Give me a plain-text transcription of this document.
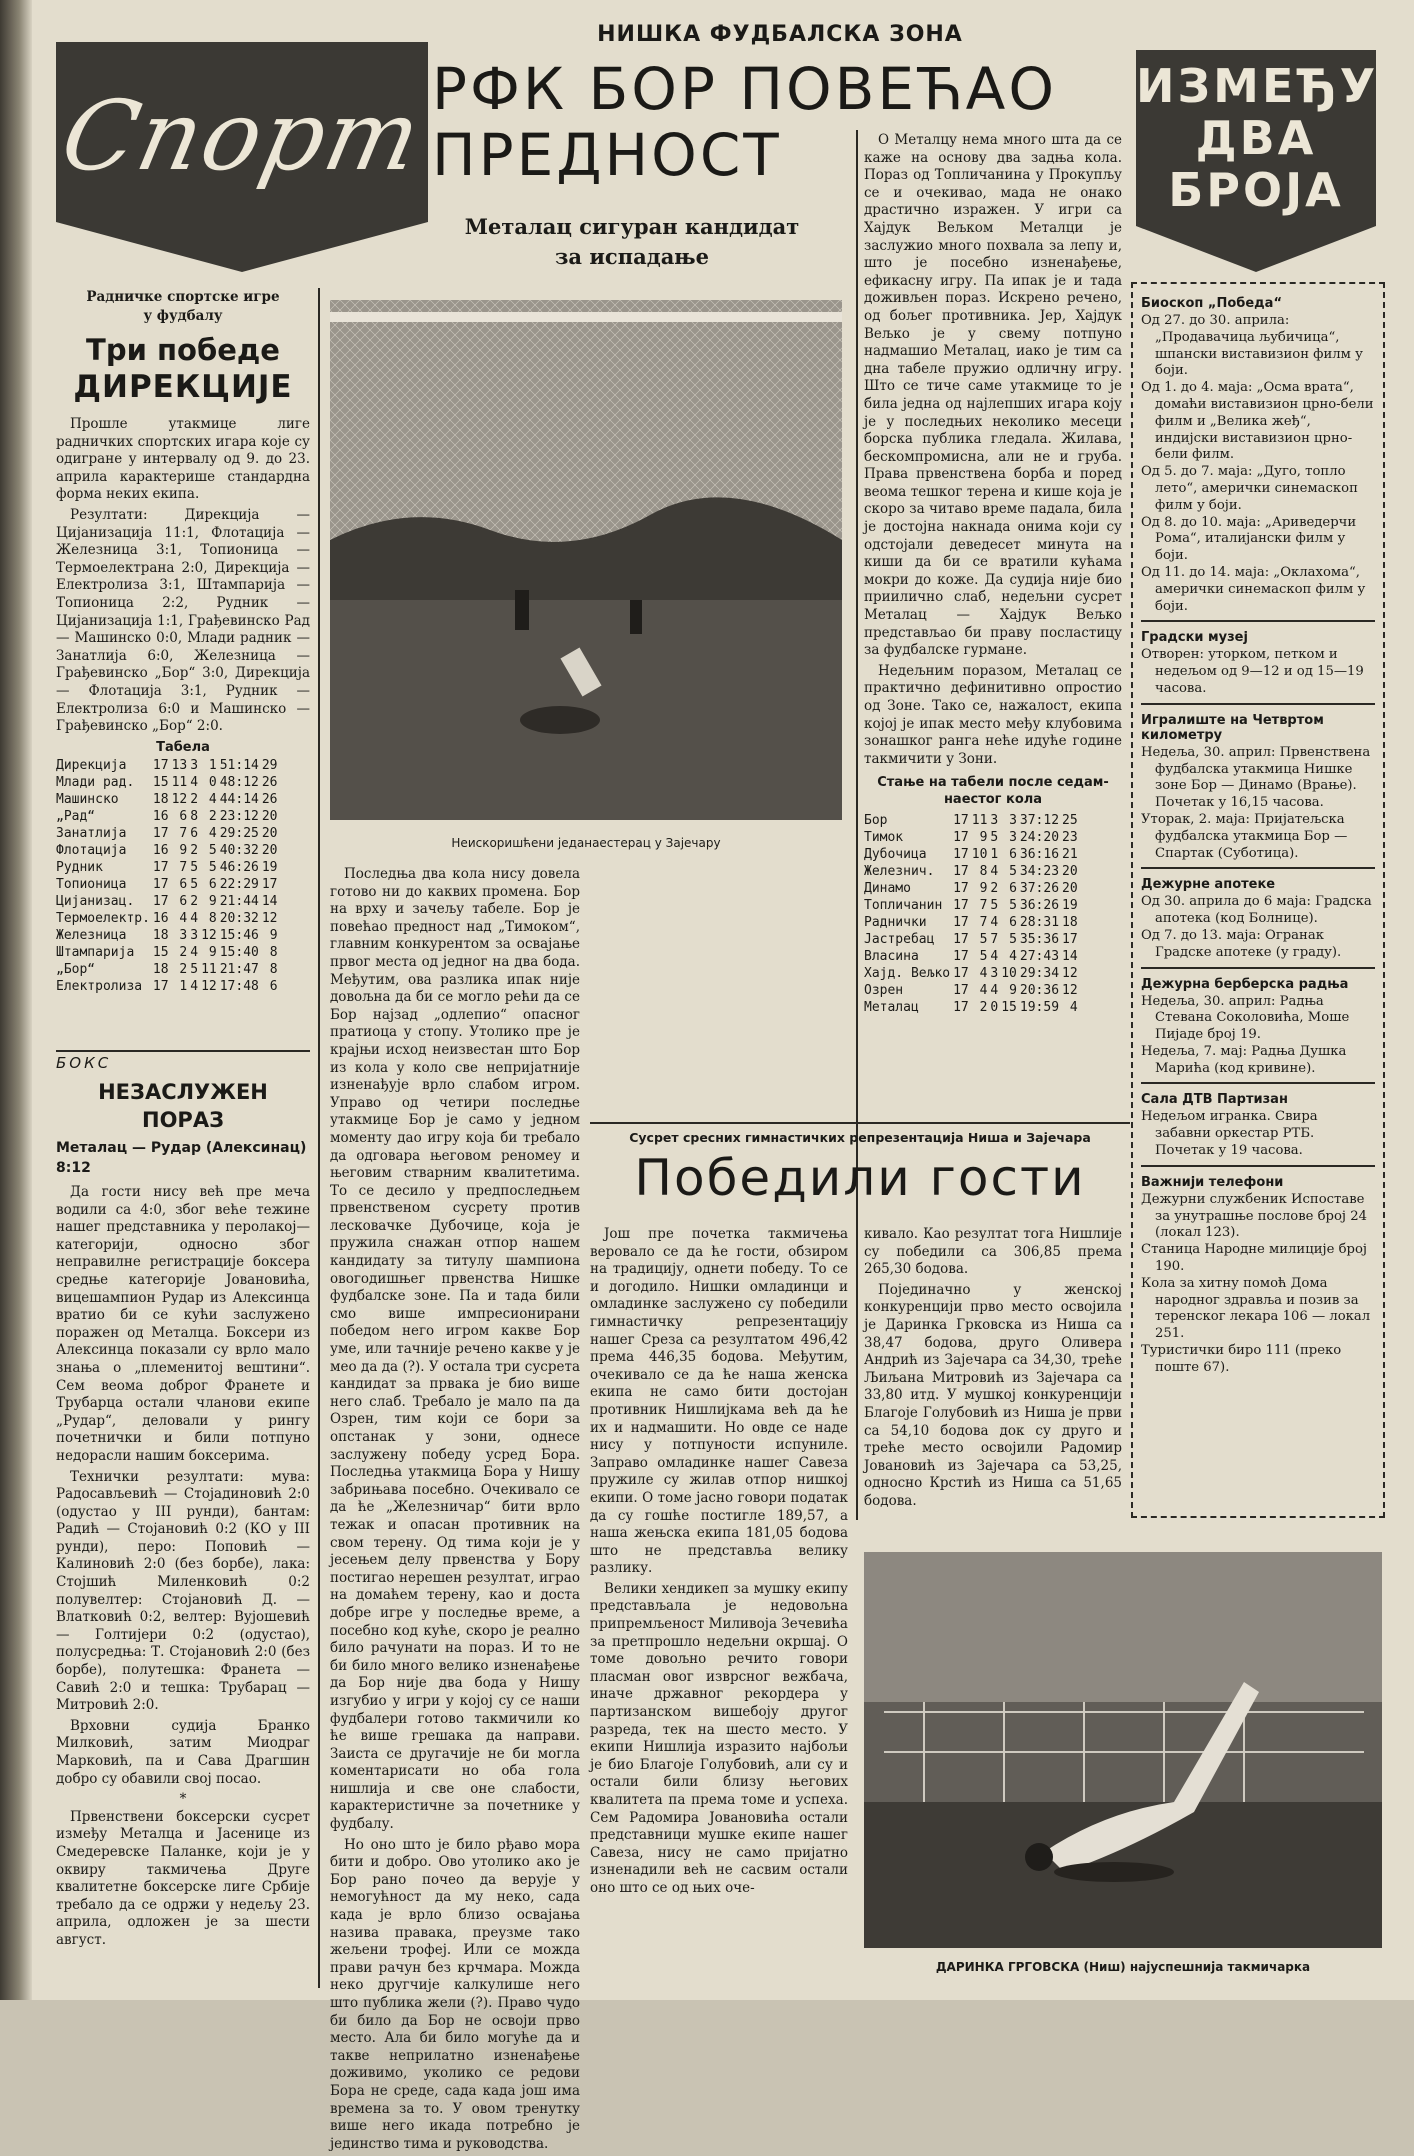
Спорт
НИШКА ФУДБАЛСКА ЗОНА
РФК БОР ПОВЕЋАО
ПРЕДНОСТ
Металац сигуран кандидат
за испадање
ИЗМЕЂУ
ДВА
БРОЈА
Радничке спортске игре
у фудбалу
Три победе
ДИРЕКЦИЈЕ

Прошле утакмице лиге радничких спортских игара које су одигране у интервалу од 9. до 23. априла карактерише стандардна форма неких екипа.

Резултати: Дирекција — Цијанизација 11:1, Флотација — Железница 3:1, Топионица — Термоелектрана 2:0, Дирекција — Електролиза 3:1, Штампарија — Топионица 2:2, Рудник — Цијанизација 1:1, Грађевинско Рад — Машинско 0:0, Млади радник — Занатлија 6:0, Железница — Грађевинско „Бор“ 3:0, Дирекција — Флотација 3:1, Рудник — Електролиза 6:0 и Машинско — Грађевинско „Бор“ 2:0.

Табела
Дирекција	17	13	3	1	51:14	29
Млади рад.	15	11	4	0	48:12	26
Машинско	18	12	2	4	44:14	26
„Рад“	16	6	8	2	23:12	20
Занатлија	17	7	6	4	29:25	20
Флотација	16	9	2	5	40:32	20
Рудник	17	7	5	5	46:26	19
Топионица	17	6	5	6	22:29	17
Цијанизац.	17	6	2	9	21:44	14
Термоелектр.	16	4	4	8	20:32	12
Железница	18	3	3	12	15:46	9
Штампарија	15	2	4	9	15:40	8
„Бор“	18	2	5	11	21:47	8
Електролиза	17	1	4	12	17:48	6
БОКС
НЕЗАСЛУЖЕН ПОРАЗ
Металац — Рудар (Алексинац) 8:12

Да гости нису већ пре меча водили са 4:0, због веће тежине нашег представника у перолакој—категорији, односно због неправилне регистрације боксера средње категорије Јовановића, вицешампион Рудар из Алексинца вратио би се кући заслужено поражен од Металца. Боксери из Алексинца показали су врло мало знања о „племенитој вештини“. Сем веома доброг Франете и Трубарца остали чланови екипе „Рудар“, деловали у рингу почетнички и били потпуно недорасли нашим боксерима.

Технички резултати: мува: Радосављевић — Стојадиновић 2:0 (одустао у III рунди), бантам: Радић — Стојановић 0:2 (КО у III рунди), перо: Поповић —Калиновић 2:0 (без борбе), лака: Стојшић Миленковић 0:2 полувелтер: Стојановић Д. — Влатковић 0:2, велтер: Вујошевић — Голтијери 0:2 (одустао), полусредња: Т. Стојановић 2:0 (без борбе), полутешка: Франета — Савић 2:0 и тешка: Трубарац — Митровић 2:0.

Врховни судија Бранко Милковић, затим Миодраг Марковић, па и Сава Драгшин добро су обавили свој посао.

*

Првенствени боксерски сусрет између Металца и Јасенице из Смедеревске Паланке, који је у оквиру такмичења Друге квалитетне боксерске лиге Србије требало да се одржи у недељу 23. априла, одложен је за шести август.

Неискоришћени једанаестерац у Зајечару

Последња два кола нису довела готово ни до каквих промена. Бор на врху и зачељу табеле. Бор је повећао предност над „Тимоком“, главним конкурентом за освајање првог места од једног на два бода. Међутим, ова разлика ипак није довољна да би се могло рећи да се Бор најзад „одлепио“ опасног пратиоца у стопу. Утолико пре је крајњи исход неизвестан што Бор из кола у коло све непријатније изненађује врло слабом игром. Управо од четири последње утакмице Бор је само у једном моменту дао игру која би требало да одговара његовом реномеу и његовим стварним квалитетима. То се десило у предпоследњем првенственом сусрету против лесковачке Дубочице, која је пружила снажан отпор нашем кандидату за титулу шампиона овогодишњег првенства Нишке фудбалске зоне. Па и тада били смо више импресионирани победом него игром какве Бор уме, или тачније речено какве у је мео да да (?). У остала три сусрета кандидат за првака је био више него слаб. Требало је мало па да Озрен, тим који се бори за опстанак у зони, однесе заслужену победу усред Бора. Последња утакмица Бора у Нишу забрињава посебно. Очекивало се да ће „Железничар“ бити врло тежак и опасан противник на свом терену. Од тима који је у јесењем делу првенства у Бору постигао нерешен резултат, играо на домаћем терену, као и доста добре игре у последње време, а посебно код куће, скоро је реално било рачунати на пораз. И то не би било много велико изненађење да Бор није два бода у Нишу изгубио у игри у којој су се наши фудбалери готово такмичили ко ће више грешака да направи. Заиста се другачије не би могла коментарисати но оба гола нишлија и све оне слабости, карактеристичне за почетнике у фудбалу.

Но оно што је било рђаво мора бити и добро. Ово утолико ако је Бор рано почео да верује у немогућност да му неко, сада када је врло близо освајања назива правака, преузме тако жељени трофеј. Или се можда прави рачун без крчмара. Можда неко другчије калкулише него што публика жели (?). Право чудо би било да Бор не освоји прво место. Ала би било могуће да и такве неприлатно изненађење доживимо, уколико се редови Бора не среде, сада када још има времена за то. У овом тренутку више него икада потребно је јединство тима и руководства.

О Металцу нема много шта да се каже на основу два задња кола. Пораз од Топличанина у Прокупљу се и очекивао, мада не онако драстично изражен. У игри са Хајдук Вељком Металци је заслужио много похвала за лепу и, што је посебно изненађење, ефикасну игру. Па ипак је и тада доживљен пораз. Искрено речено, од бољег противника. Јер, Хајдук Вељко је у свему потпуно надмашио Металац, иако је тим са дна табеле пружио одличну игру. Што се тиче саме утакмице то је била једна од најлепших игара коју је у последњих неколико месеци борска публика гледала. Жилава, бескомпромисна, али не и груба. Права првенствена борба и поред веома тешког терена и кише која је скоро за читаво време падала, била је достојна накнада онима који су одстојали деведесет минута на киши да би се вратили кућама мокри до коже. Да судија није био приилично слаб, недељни сусрет Металац — Хајдук Вељко представљао би праву посластицу за фудбалске гурмане.

Недељним поразом, Металац се практично дефинитивно опростио од Зоне. Тако се, нажалост, екипа којој је ипак место међу клубовима зонашког ранга неће идуће године такмичити у Зони.

Стање на табели после седам-
наестог кола
Бор	17	11	3	3	37:12	25
Тимок	17	9	5	3	24:20	23
Дубочица	17	10	1	6	36:16	21
Железнич.	17	8	4	5	34:23	20
Динамо	17	9	2	6	37:26	20
Топличанин	17	7	5	5	36:26	19
Раднички	17	7	4	6	28:31	18
Јастребац	17	5	7	5	35:36	17
Власина	17	5	4	4	27:43	14
Хајд. Вељко	17	4	3	10	29:34	12
Озрен	17	4	4	9	20:36	12
Металац	17	2	0	15	19:59	4
Сусрет сресних гимнастичких репрезентација Ниша и Зајечара
Победили гости

Још пре почетка такмичења веровало се да ће гости, обзиром на традицију, однети победу. То се и догодило. Нишки омладинци и омладинке заслужено су победили гимнастичку репрезентацију нашег Среза са резултатом 496,42 према 446,35 бодова. Међутим, очекивало се да ће наша женска екипа не само бити достојан противник Нишлијкама већ да ће их и надмашити. Но овде се наде нису у потпуности испуниле. Заправо омладинке нашег Савеза пружиле су жилав отпор нишкој екипи. О томе јасно говори податак да су гошће постигле 189,57, а наша жењска екипа 181,05 бодова што не представља велику разлику.

Велики хендикеп за мушку екипу представљала је недовољна припремљеност Миливоја Зечевића за претпрошло недељни окршај. О томе довољно речито говори пласман овог изврсног вежбача, иначе државног рекордера у партизанском вишебоју другог разреда, тек на шесто место. У екипи Нишлија изразито најбољи је био Благоје Голубовић, али су и остали били близу његових квалитета па према томе и успеха. Сем Радомира Јовановића остали представници мушке екипе нашег Савеза, нису не само пријатно изненадили већ не сасвим остали оно што се од њих оче-

кивало. Као резултат тога Нишлије су победили са 306,85 према 265,30 бодова.

Појединачно у женској конкуренцији прво место освојила је Даринка Грковска из Ниша са 38,47 бодова, друго Оливера Андрић из Зајечара са 34,30, треће Љиљана Митровић из Зајечара са 33,80 итд. У мушкој конкуренцији Благоје Голубовић из Ниша је први са 54,10 бодова док су друго и треће место освојили Радомир Јовановић из Зајечара са 53,25, односно Крстић из Ниша са 51,65 бодова.

Биоскоп „Победа“
Од 27. до 30. априла: „Продавачица љубичица“, шпански виставизион филм у боји.
Од 1. до 4. маја: „Осма врата“, домаћи виставизион црно-бели филм и „Велика жеђ“, индијски виставизион црно-бели филм.
Од 5. до 7. маја: „Дуго, топло лето“, амерички синемаскоп филм у боји.
Од 8. до 10. маја: „Ариведерчи Рома“, италијански филм у боји.
Од 11. до 14. маја: „Оклахома“, амерички синемаскоп филм у боји.
Градски музеј
Отворен: уторком, петком и недељом од 9—12 и од 15—19 часова.
Игралиште на Четвртом километру
Недеља, 30. април: Првенствена фудбалска утакмица Нишке зоне Бор — Динамо (Врање). Почетак у 16,15 часова.
Уторак, 2. маја: Пријатељска фудбалска утакмица Бор — Спартак (Суботица).
Дежурне апотеке
Од 30. априла до 6 маја: Градска апотека (код Болнице).
Од 7. до 13. маја: Огранак Градске апотеке (у граду).
Дежурна берберска радња
Недеља, 30. април: Радња Стевана Соколовића, Моше Пијаде број 19.
Недеља, 7. мај: Радња Душка Марића (код кривине).
Сала ДТВ Партизан
Недељом игранка. Свира забавни оркестар РТБ. Почетак у 19 часова.
Важнији телефони
Дежурни службеник Испоставе за унутрашње послове број 24 (локал 123).
Станица Народне милиције број 190.
Кола за хитну помоћ Дома народног здравља и позив за теренског лекара 106 — локал 251.
Туристички биро 111 (преко поште 67).
ДАРИНКА ГРГОВСКА (Ниш) најуспешнија такмичарка
